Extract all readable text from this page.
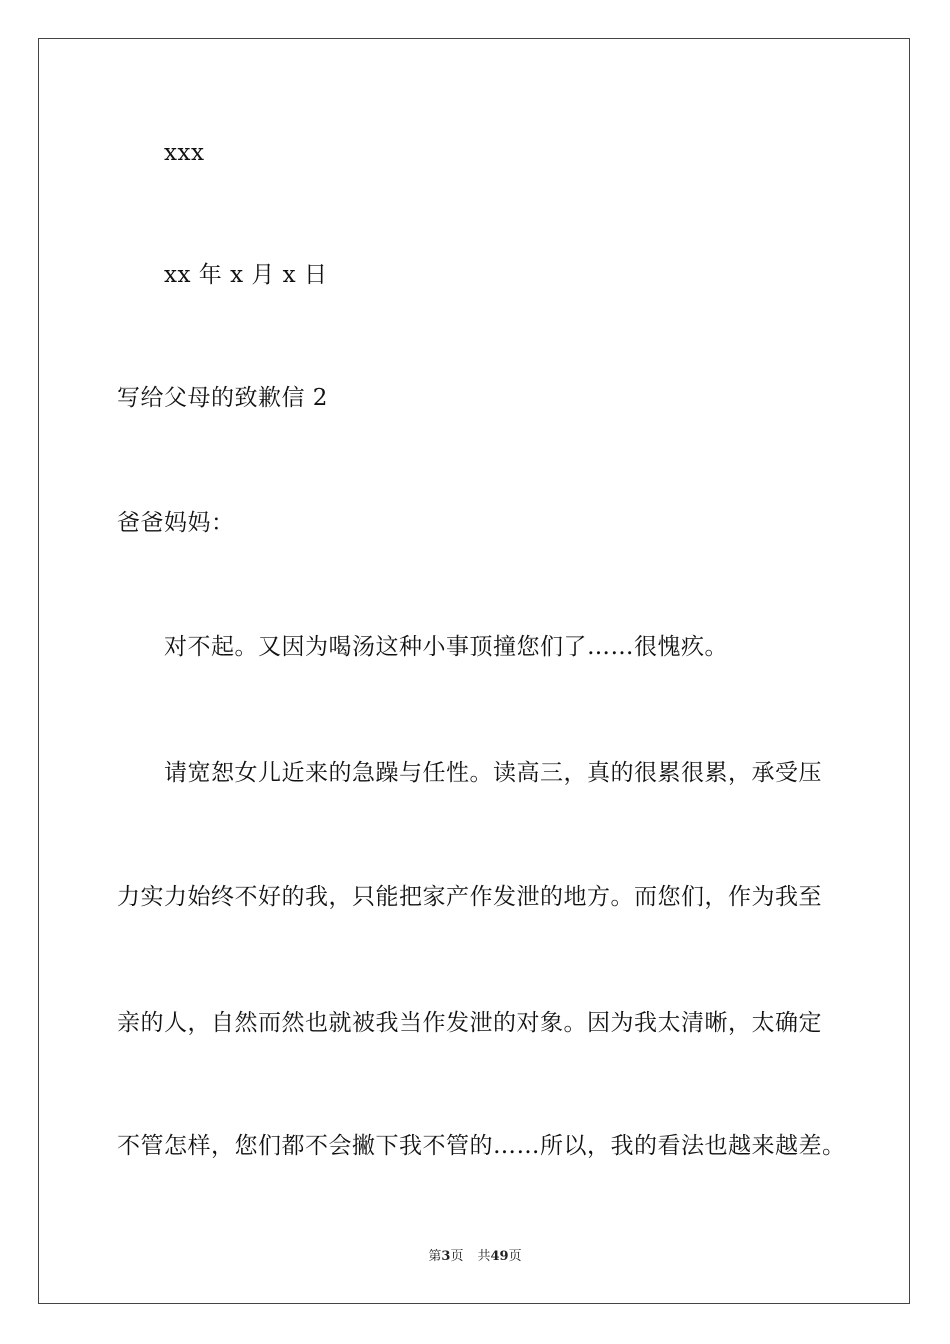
xxx
xx 年 x 月 x 日
写给父母的致歉信 2
爸爸妈妈：
对不起。又因为喝汤这种小事顶撞您们了……很愧疚。
请宽恕女儿近来的急躁与任性。读高三，真的很累很累，承受压
力实力始终不好的我，只能把家产作发泄的地方。而您们，作为我至
亲的人，自然而然也就被我当作发泄的对象。因为我太清晰，太确定
不管怎样，您们都不会撇下我不管的……所以，我的看法也越来越差。
第3页 共49页
